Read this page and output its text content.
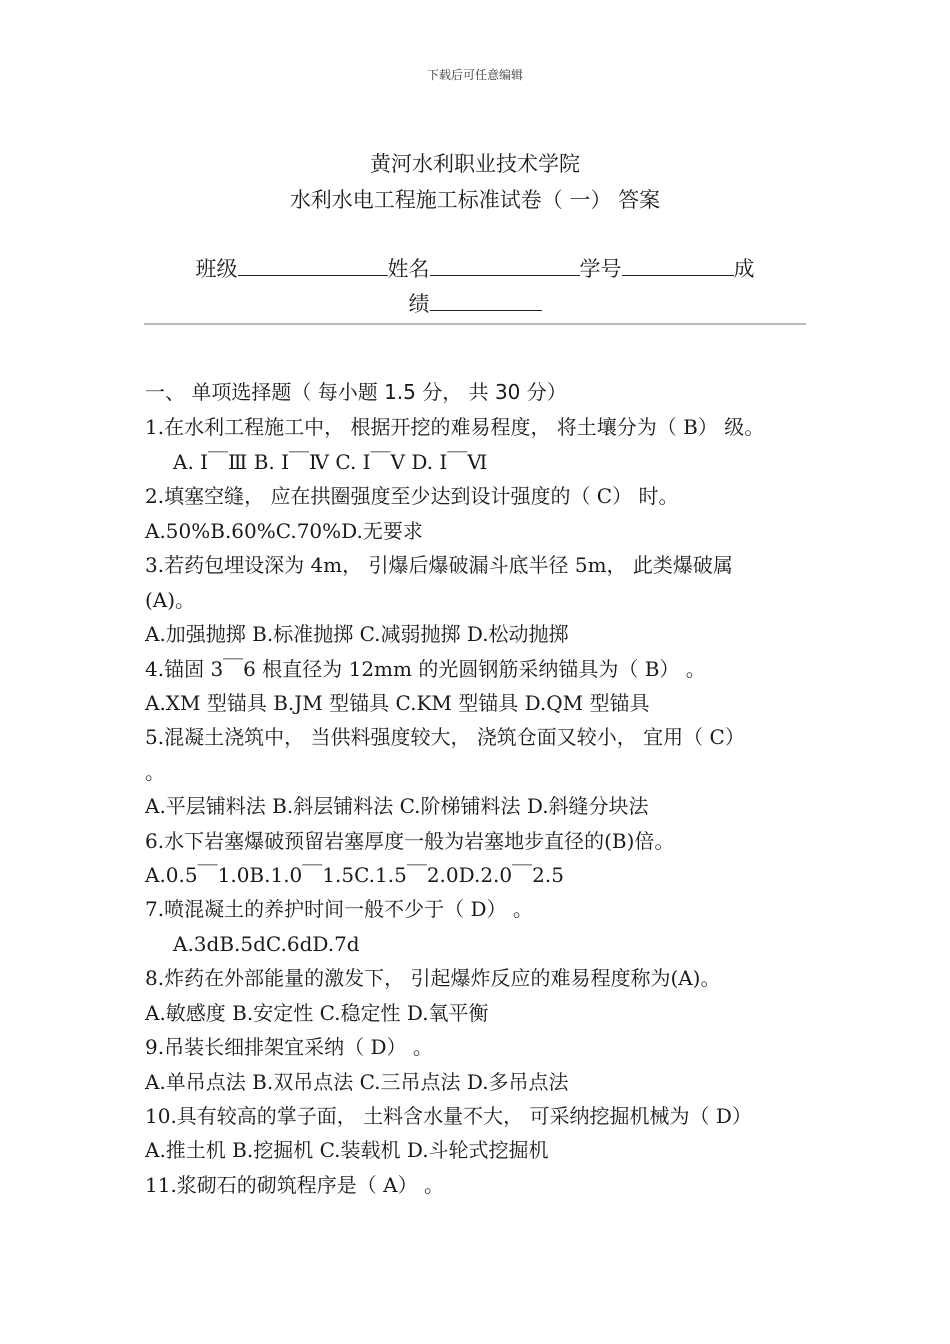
下载后可任意编辑
黄河水利职业技术学院
水利水电工程施工标准试卷（ 一） 答案
班级	姓名	学号	成
绩
一、 单项选择题（ 每小题 1.5 分， 共 30 分）
1.在水利工程施工中， 根据开挖的难易程度， 将土壤分为（ B） 级。
A. Ⅰ￣Ⅲ B. Ⅰ￣Ⅳ C. Ⅰ￣Ⅴ D. Ⅰ￣Ⅵ
2.填塞空缝， 应在拱圈强度至少达到设计强度的（ C） 时。
A.50%B.60%C.70%D.无要求
3.若药包埋设深为 4m， 引爆后爆破漏斗底半径 5m， 此类爆破属
(A)。
A.加强抛掷 B.标准抛掷 C.减弱抛掷 D.松动抛掷
4.锚固 3￣6 根直径为 12mm 的光圆钢筋采纳锚具为（ B） 。
A.XM 型锚具 B.JM 型锚具 C.KM 型锚具 D.QM 型锚具
5.混凝土浇筑中， 当供料强度较大， 浇筑仓面又较小， 宜用（ C）
。
A.平层铺料法 B.斜层铺料法 C.阶梯铺料法 D.斜缝分块法
6.水下岩塞爆破预留岩塞厚度一般为岩塞地步直径的(B)倍。
A.0.5￣1.0B.1.0￣1.5C.1.5￣2.0D.2.0￣2.5
7.喷混凝土的养护时间一般不少于（ D） 。
A.3dB.5dC.6dD.7d
8.炸药在外部能量的激发下， 引起爆炸反应的难易程度称为(A)。
A.敏感度 B.安定性 C.稳定性 D.氧平衡
9.吊装长细排架宜采纳（ D） 。
A.单吊点法 B.双吊点法 C.三吊点法 D.多吊点法
10.具有较高的掌子面， 土料含水量不大， 可采纳挖掘机械为（ D）
A.推土机 B.挖掘机 C.装载机 D.斗轮式挖掘机
11.浆砌石的砌筑程序是（ A） 。
